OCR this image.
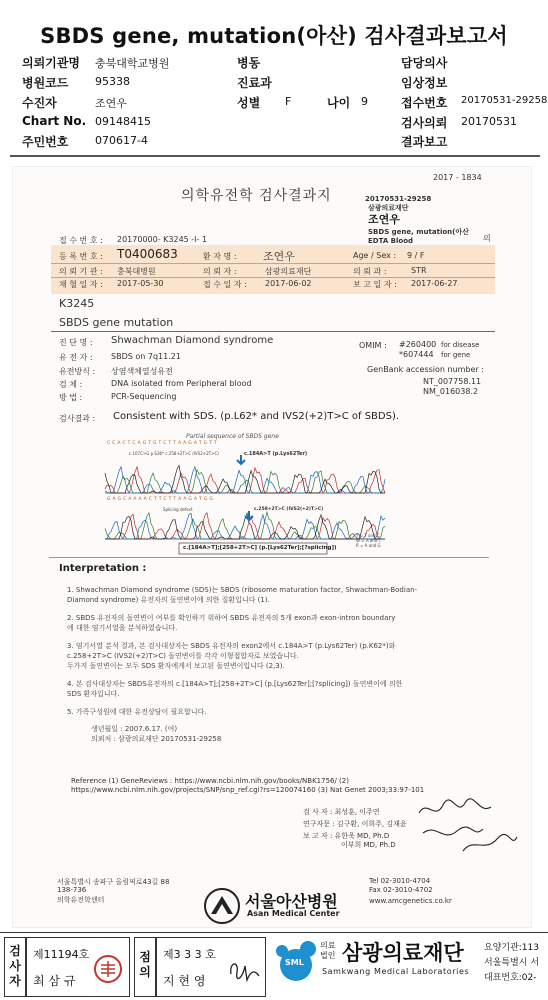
SBDS gene, mutation(아산) 검사결과보고서
의뢰기관명 충북대학교병원	병동	담당의사
병원코드 95338	진료과	임상정보
수진자	조연우	성별 F	나이 9	접수번호 20170531-29258
Chart No. 09148415	검사의뢰 20170531
주민번호 070617-4	결과보고
2017 - 1834
의학유전학 검사결과지	20170531-29258
삼광의료재단
조연우
SBDS gene, mutation(아산
EDTA Blood	의
접 수 번 호 : 20170000- K3245 -I- 1
등 록 번 호 : T0400683	환 자 명 : 조연우	Age / Sex : 9 / F
의 뢰 기 관 : 충북대병원	의 뢰 자 :	삼광의료재단	의 뢰 과 :	STR
채 혈 일 자 : 2017-05-30	접 수 일 자 : 2017-06-02	보 고 일 자 : 2017-06-27
K3245
SBDS gene mutation
진 단 명 : Shwachman Diamond syndrome
유 전 자 : SBDS on 7q11.21
유전방식 : 상염색체열성유전
검 체 :	DNA isolated from Peripheral blood
방 법 :	PCR-Sequencing
OMIM : #260400 for disease
*607444 for gene
GenBank accession number :
NT_007758.11
NM_016038.2
검사결과 : Consistent with SDS. (p.L62* and IVS2(+2)T>C of SBDS).
Partial sequence of SBDS gene
C C A C T C A G T G T C T T A A G A T G T T
c.107C>G p.S36* c.258+2T>C (IVS2+2T>C)	c.184A>T (p.Lys62Ter)
G A G C A A A A C T T C T T A A G A T G G
Splicing defect	c.258+2T>C (IVS2(+2)T>C)
c.[184A>T];[258+2T>C] (p.[Lys62Ter];[?splicing])
Y = T and C
W = A and T
R = A and G
Interpretation :
생년월일 : 2007.6.17. (여)
의뢰처 : 삼광의료재단 20170531-29258
Reference (1) GeneReviews : https://www.ncbi.nlm.nih.gov/books/NBK1756/ (2)
https://www.ncbi.nlm.nih.gov/projects/SNP/snp_ref.cgi?rs=120074160 (3) Nat Genet 2003;33:97-101
검 사 자 : 최성훈, 이주연
연구자문 : 김구환, 이희주, 김재윤
보 고 자 : 유한욱 MD, Ph.D
이부희 MD, Ph.D
서울특별시 송파구 올림픽로43길 88
138-736
의학유전학센터	서울아산병원
Asan Medical Center
Tel 02-3010-4704
Fax 02-3010-4702
www.amcgenetics.co.kr
1. Shwachman Diamond syndrome (SDS)는 SBDS (ribosome maturation factor, Shwachman-Bodian-
Diamond syndrome) 유전자의 돌연변이에 의한 질환입니다 (1).
2. SBDS 유전자의 돌연변이 여부를 확인하기 위하여 SBDS 유전자의 5개 exon과 exon-intron boundary
에 대한 염기서열을 분석하였습니다.
3. 염기서열 분석 결과, 본 검사대상자는 SBDS 유전자의 exon2에서 c.184A>T (p.Lys62Ter) (p.K62*)와
c.258+2T>C (IVS2(+2)T>C) 돌연변이를 각각 이형접합자로 보였습니다.
두가지 돌연변이는 모두 SDS 환자에게서 보고된 돌연변이입니다 (2,3).
4. 본 검사대상자는 SBDS유전자의 c.[184A>T];[258+2T>C] (p.[Lys62Ter];[?splicing]) 돌연변이에 의한
SDS 환자입니다.
5. 가족구성원에 대한 유전상담이 필요합니다.
검
사
자
제11194호
최 삼 규
점
의
제3 3 3 호
지 현 영
SML
의료법인 삼광의료재단
Samkwang Medical Laboratories
요양기관:113
서울특별시 서
대표번호:02-
